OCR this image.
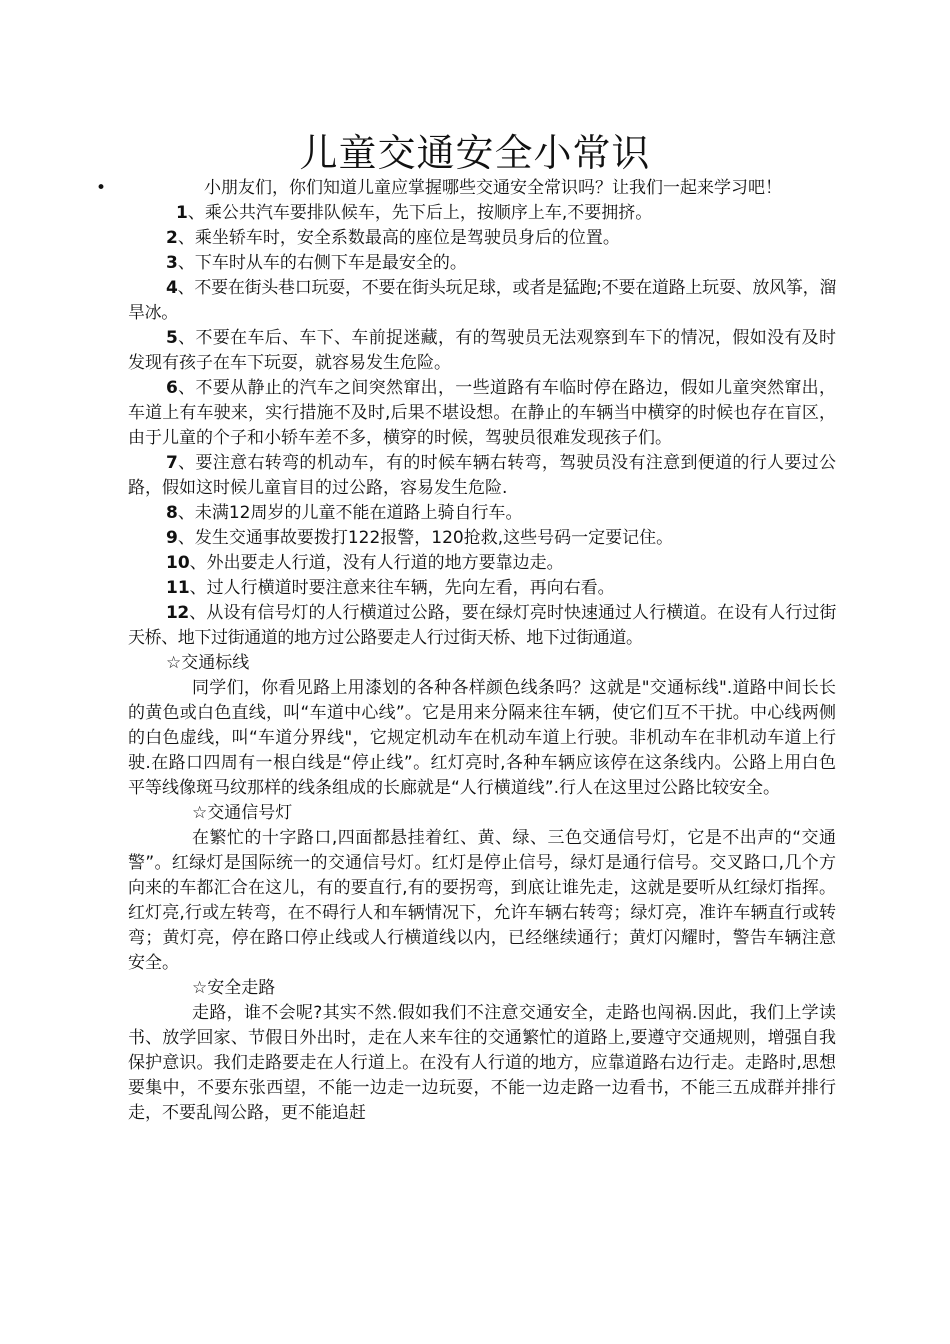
儿童交通安全小常识
•	小朋友们，你们知道儿童应掌握哪些交通安全常识吗？让我们一起来学习吧！

1、乘公共汽车要排队候车，先下后上，按顺序上车,不要拥挤。

2、乘坐轿车时，安全系数最高的座位是驾驶员身后的位置。

3、下车时从车的右侧下车是最安全的。

4、不要在街头巷口玩耍，不要在街头玩足球，或者是猛跑;不要在道路上玩耍、放风筝，溜旱冰。

5、不要在车后、车下、车前捉迷藏，有的驾驶员无法观察到车下的情况，假如没有及时发现有孩子在车下玩耍，就容易发生危险。

6、不要从静止的汽车之间突然窜出，一些道路有车临时停在路边，假如儿童突然窜出，车道上有车驶来，实行措施不及时,后果不堪设想。在静止的车辆当中横穿的时候也存在盲区，由于儿童的个子和小轿车差不多，横穿的时候，驾驶员很难发现孩子们。

7、要注意右转弯的机动车，有的时候车辆右转弯，驾驶员没有注意到便道的行人要过公路，假如这时候儿童盲目的过公路，容易发生危险.

8、未满12周岁的儿童不能在道路上骑自行车。

9、发生交通事故要拨打122报警，120抢救,这些号码一定要记住。

10、外出要走人行道，没有人行道的地方要靠边走。

11、过人行横道时要注意来往车辆，先向左看，再向右看。

12、从设有信号灯的人行横道过公路，要在绿灯亮时快速通过人行横道。在设有人行过街天桥、地下过街通道的地方过公路要走人行过街天桥、地下过街通道。

☆交通标线

同学们，你看见路上用漆划的各种各样颜色线条吗？这就是"交通标线".道路中间长长的黄色或白色直线，叫“车道中心线”。它是用来分隔来往车辆，使它们互不干扰。中心线两侧的白色虚线，叫“车道分界线"，它规定机动车在机动车道上行驶。非机动车在非机动车道上行驶.在路口四周有一根白线是“停止线”。红灯亮时,各种车辆应该停在这条线内。公路上用白色平等线像斑马纹那样的线条组成的长廊就是“人行横道线”.行人在这里过公路比较安全。

☆交通信号灯

在繁忙的十字路口,四面都悬挂着红、黄、绿、三色交通信号灯，它是不出声的“交通警”。红绿灯是国际统一的交通信号灯。红灯是停止信号，绿灯是通行信号。交叉路口,几个方向来的车都汇合在这儿，有的要直行,有的要拐弯，到底让谁先走，这就是要听从红绿灯指挥。红灯亮,行或左转弯，在不碍行人和车辆情况下，允许车辆右转弯；绿灯亮，准许车辆直行或转弯；黄灯亮，停在路口停止线或人行横道线以内，已经继续通行；黄灯闪耀时，警告车辆注意安全。

☆安全走路

走路，谁不会呢?其实不然.假如我们不注意交通安全，走路也闯祸.因此，我们上学读书、放学回家、节假日外出时，走在人来车往的交通繁忙的道路上,要遵守交通规则，增强自我保护意识。我们走路要走在人行道上。在没有人行道的地方，应靠道路右边行走。走路时,思想要集中，不要东张西望，不能一边走一边玩耍，不能一边走路一边看书，不能三五成群并排行走，不要乱闯公路，更不能追赶
